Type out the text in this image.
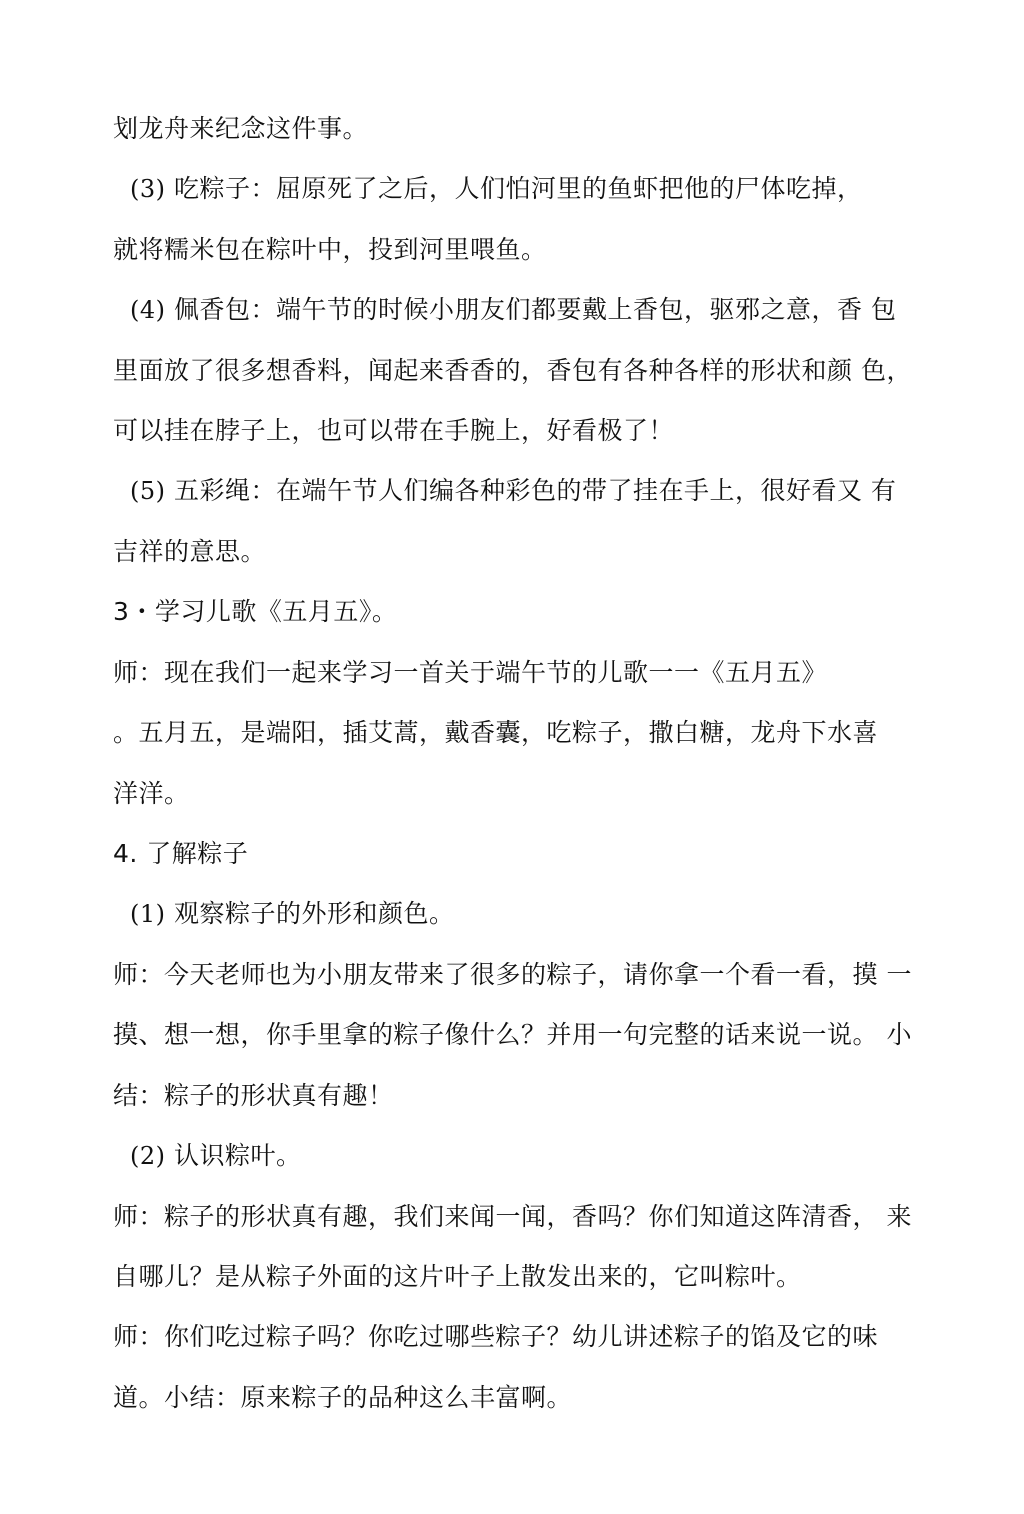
划龙舟来纪念这件事。
(3) 吃粽子：屈原死了之后，人们怕河里的鱼虾把他的尸体吃掉，
就将糯米包在粽叶中，投到河里喂鱼。
(4) 佩香包：端午节的时候小朋友们都要戴上香包，驱邪之意，香 包
里面放了很多想香料，闻起来香香的，香包有各种各样的形状和颜 色，
可以挂在脖子上，也可以带在手腕上，好看极了！
(5) 五彩绳：在端午节人们编各种彩色的带了挂在手上，很好看又 有
吉祥的意思。
3・学习儿歌《五月五》。
师：现在我们一起来学习一首关于端午节的儿歌一一《五月五》
。五月五，是端阳，插艾蒿，戴香囊，吃粽子，撒白糖，龙舟下水喜
洋洋。
4. 了解粽子
(1) 观察粽子的外形和颜色。
师：今天老师也为小朋友带来了很多的粽子，请你拿一个看一看，摸 一
摸、想一想，你手里拿的粽子像什么？并用一句完整的话来说一说。 小
结：粽子的形状真有趣！
(2) 认识粽叶。
师：粽子的形状真有趣，我们来闻一闻，香吗？你们知道这阵清香， 来
自哪儿？是从粽子外面的这片叶子上散发出来的，它叫粽叶。
师：你们吃过粽子吗？你吃过哪些粽子？幼儿讲述粽子的馅及它的味
道。小结：原来粽子的品种这么丰富啊。
